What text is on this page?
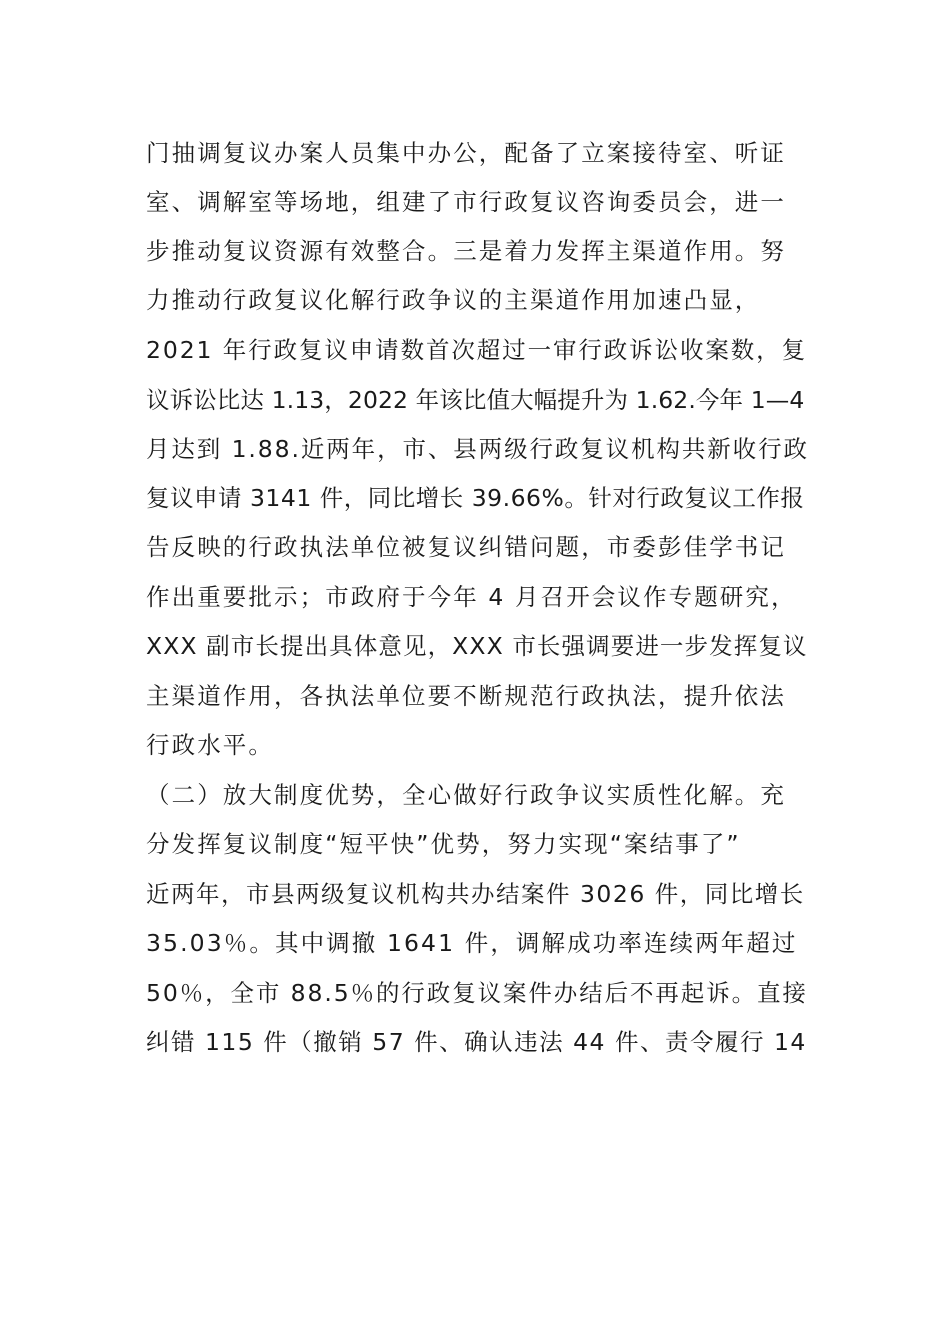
门抽调复议办案人员集中办公，配备了立案接待室、听证
室、调解室等场地，组建了市行政复议咨询委员会，进一
步推动复议资源有效整合。三是着力发挥主渠道作用。努
力推动行政复议化解行政争议的主渠道作用加速凸显，
2021 年行政复议申请数首次超过一审行政诉讼收案数，复
议诉讼比达 1.13，2022 年该比值大幅提升为 1.62.今年 1—4
月达到 1.88.近两年，市、县两级行政复议机构共新收行政
复议申请 3141 件，同比增长 39.66%。针对行政复议工作报
告反映的行政执法单位被复议纠错问题，市委彭佳学书记
作出重要批示；市政府于今年 4 月召开会议作专题研究，
XXX 副市长提出具体意见，XXX 市长强调要进一步发挥复议
主渠道作用，各执法单位要不断规范行政执法，提升依法
行政水平。
（二）放大制度优势，全心做好行政争议实质性化解。充
分发挥复议制度“短平快”优势，努力实现“案结事了”
近两年，市县两级复议机构共办结案件 3026 件，同比增长
35.03％。其中调撤 1641 件，调解成功率连续两年超过
50％，全市 88.5％的行政复议案件办结后不再起诉。直接
纠错 115 件（撤销 57 件、确认违法 44 件、责令履行 14
